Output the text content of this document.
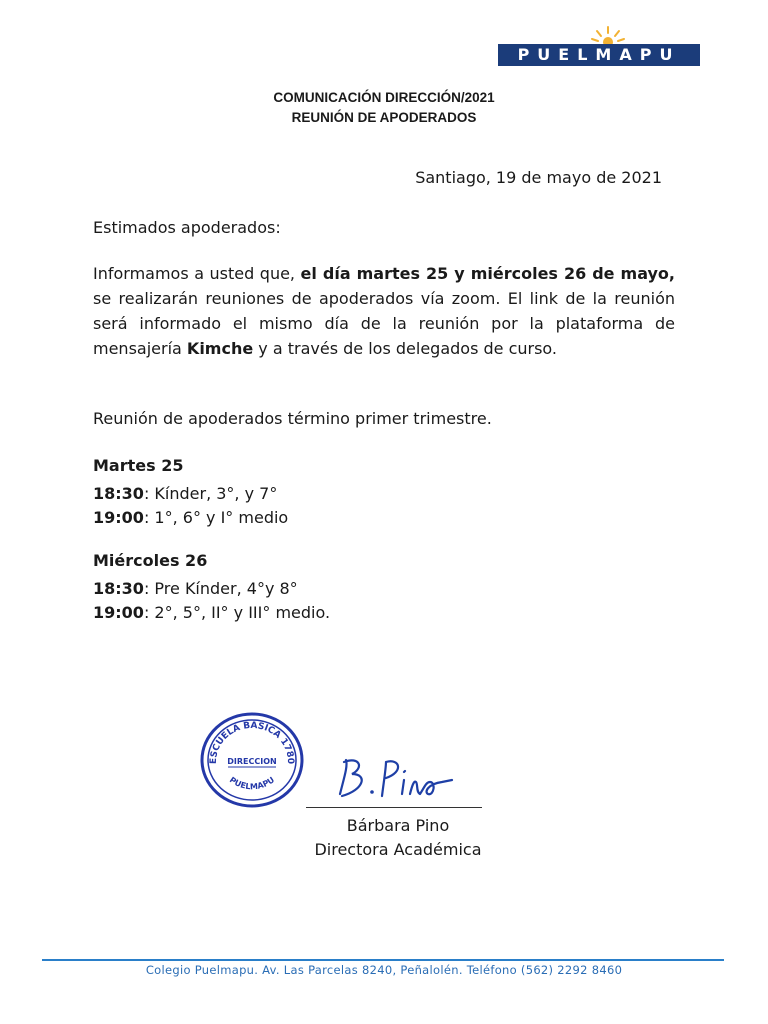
PUELMAPU
COMUNICACIÓN DIRECCIÓN/2021
REUNIÓN DE APODERADOS
Santiago, 19 de mayo de 2021
Estimados apoderados:
Informamos a usted que, el día martes 25 y miércoles 26 de mayo, se realizarán reuniones de apoderados vía zoom. El link de la reunión será informado el mismo día de la reunión por la plataforma de mensajería Kimche y a través de los delegados de curso.
Reunión de apoderados término primer trimestre.
Martes 25
18:30: Kínder, 3°, y 7°
19:00: 1°, 6° y I° medio
Miércoles 26
18:30: Pre Kínder, 4°y 8°
19:00: 2°, 5°, II° y III° medio.
ESCUELA BASICA 1780
DIRECCION
PUELMAPU
Bárbara Pino
Directora Académica
Colegio Puelmapu. Av. Las Parcelas 8240, Peñalolén. Teléfono (562) 2292 8460
